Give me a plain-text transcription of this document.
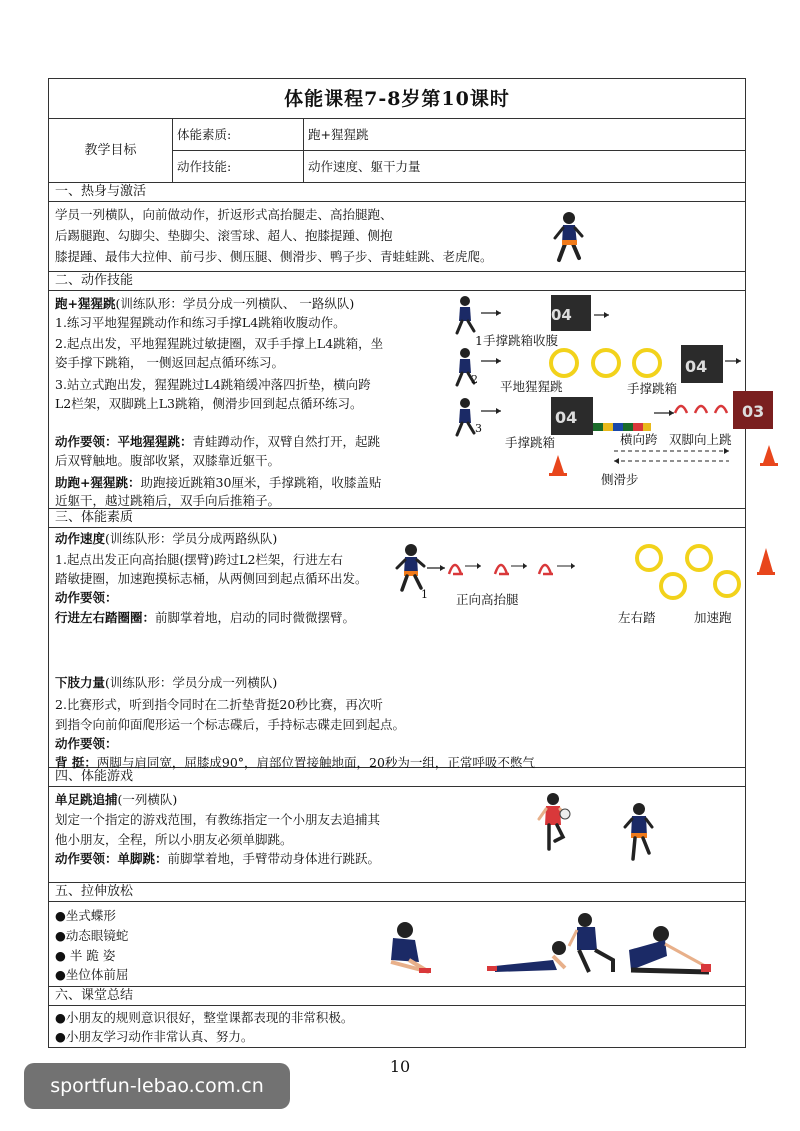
体能课程7-8岁第10课时
教学目标
体能素质:	跑+猩猩跳
动作技能:	动作速度、躯干力量
一、热身与激活
学员一列横队，向前做动作，折返形式高抬腿走、高抬腿跑、
后踢腿跑、勾脚尖、垫脚尖、滚雪球、超人、抱膝提踵、侧抱
膝提踵、最伟大拉伸、前弓步、侧压腿、侧滑步、鸭子步、青蛙蛙跳、老虎爬。
二、动作技能
跑+猩猩跳(训练队形：学员分成一列横队、 一路纵队)
1.练习平地猩猩跳动作和练习手撑L4跳箱收腹动作。
2.起点出发，平地猩猩跳过敏捷圈，双手手撑上L4跳箱，坐
姿手撑下跳箱， 一侧返回起点循环练习。
3.站立式跑出发，猩猩跳过L4跳箱缓冲落四折垫，横向跨
L2栏架，双脚跳上L3跳箱，侧滑步回到起点循环练习。
动作要领：平地猩猩跳：青蛙蹲动作，双臂自然打开，起跳
后双臂触地。腹部收紧，双膝靠近躯干。
助跑+猩猩跳：助跑接近跳箱30厘米，手撑跳箱，收膝盖贴
近躯干，越过跳箱后，双手向后推箱子。
04
04
04	03
1手撑跳箱收腹
2 平地猩猩跳	手撑跳箱
3
手撑跳箱	横向跨 双脚向上跳
侧滑步
三、体能素质
动作速度(训练队形：学员分成两路纵队)
1.起点出发正向高抬腿(摆臂)跨过L2栏架，行进左右
踏敏捷圈，加速跑摸标志桶，从两侧回到起点循环出发。
动作要领：
行进左右踏圈圈：前脚掌着地，启动的同时微微摆臂。
1 正向高抬腿
左右踏	加速跑
下肢力量(训练队形：学员分成一列横队)
2.比赛形式，听到指令同时在二折垫背挺20秒比赛，再次听
到指令向前仰面爬形运一个标志碟后，手持标志碟走回到起点。
动作要领：
背 挺：两脚与肩同宽，屈膝成90°，肩部位置接触地面，20秒为一组，正常呼吸不憋气
四、体能游戏
单足跳追捕(一列横队)
划定一个指定的游戏范围，有教练指定一个小朋友去追捕其
他小朋友，全程，所以小朋友必须单脚跳。
动作要领：单脚跳：前脚掌着地，手臂带动身体进行跳跃。
五、拉伸放松
●坐式蝶形
●动态眼镜蛇
● 半 跪 姿
●坐位体前屈
六、课堂总结
●小朋友的规则意识很好，整堂课都表现的非常积极。
●小朋友学习动作非常认真、努力。
10
sportfun-lebao.com.cn
